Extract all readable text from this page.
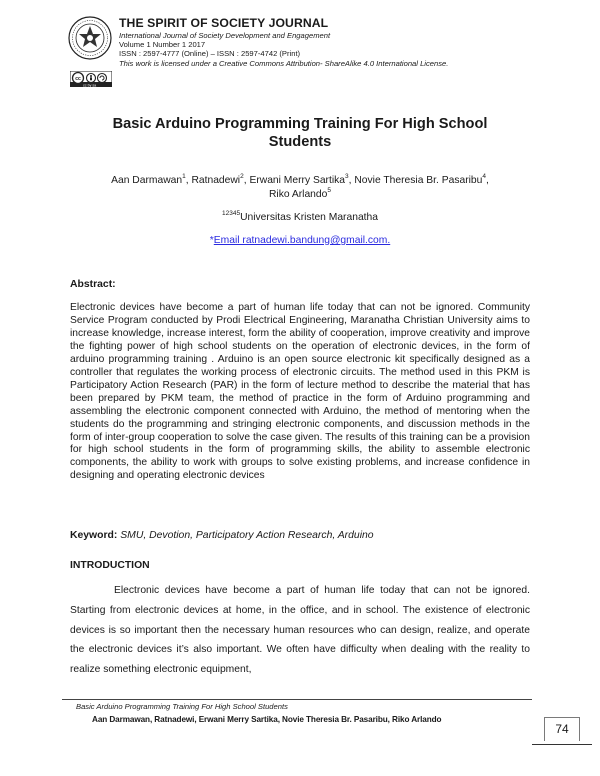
cc
cc by sa
THE SPIRIT OF SOCIETY JOURNAL
International Journal of Society Development and Engagement
Volume 1 Number 1 2017
ISSN : 2597-4777 (Online) – ISSN : 2597-4742 (Print)
This work is licensed under a Creative Commons Attribution- ShareAlike 4.0 International License.
Basic Arduino Programming Training For High School
Students
Aan Darmawan$^1$, Ratnadewi$^2$, Erwani Merry Sartika$^3$, Novie Theresia Br. Pasaribu$^4$,
Riko Arlando$^5$
$^{12345}$Universitas Kristen Maranatha
*Email ratnadewi.bandung@gmail.com.
Abstract:
Electronic devices have become a part of human life today that can not be ignored. Community Service Program conducted by Prodi Electrical Engineering, Maranatha Christian University aims to increase knowledge, increase interest, form the ability of cooperation, improve creativity and improve the fighting power of high school students on the operation of electronic devices, in the form of arduino programming training . Arduino is an open source electronic kit specifically designed as a controller that regulates the working process of electronic circuits. The method used in this PKM is Participatory Action Research (PAR) in the form of lecture method to describe the material that has been prepared by PKM team, the method of practice in the form of Arduino programming and assembling the electronic component connected with Arduino, the method of mentoring when the students do the programming and stringing electronic components, and discussion methods in the form of inter-group cooperation to solve the case given. The results of this training can be a provision for high school students in the form of programming skills, the ability to assemble electronic components, the ability to work with groups to solve existing problems, and increase confidence in designing and operating electronic devices
Keyword: SMU, Devotion, Participatory Action Research, Arduino
INTRODUCTION
Electronic devices have become a part of human life today that can not be ignored. Starting from electronic devices at home, in the office, and in school. The existence of electronic devices is so important then the necessary human resources who can design, realize, and operate the electronic devices it’s also important. We often have difficulty when dealing with the reality to realize something electronic equipment,
Basic Arduino Programming Training For High School Students
Aan Darmawan, Ratnadewi, Erwani Merry Sartika, Novie Theresia Br. Pasaribu, Riko Arlando
74
